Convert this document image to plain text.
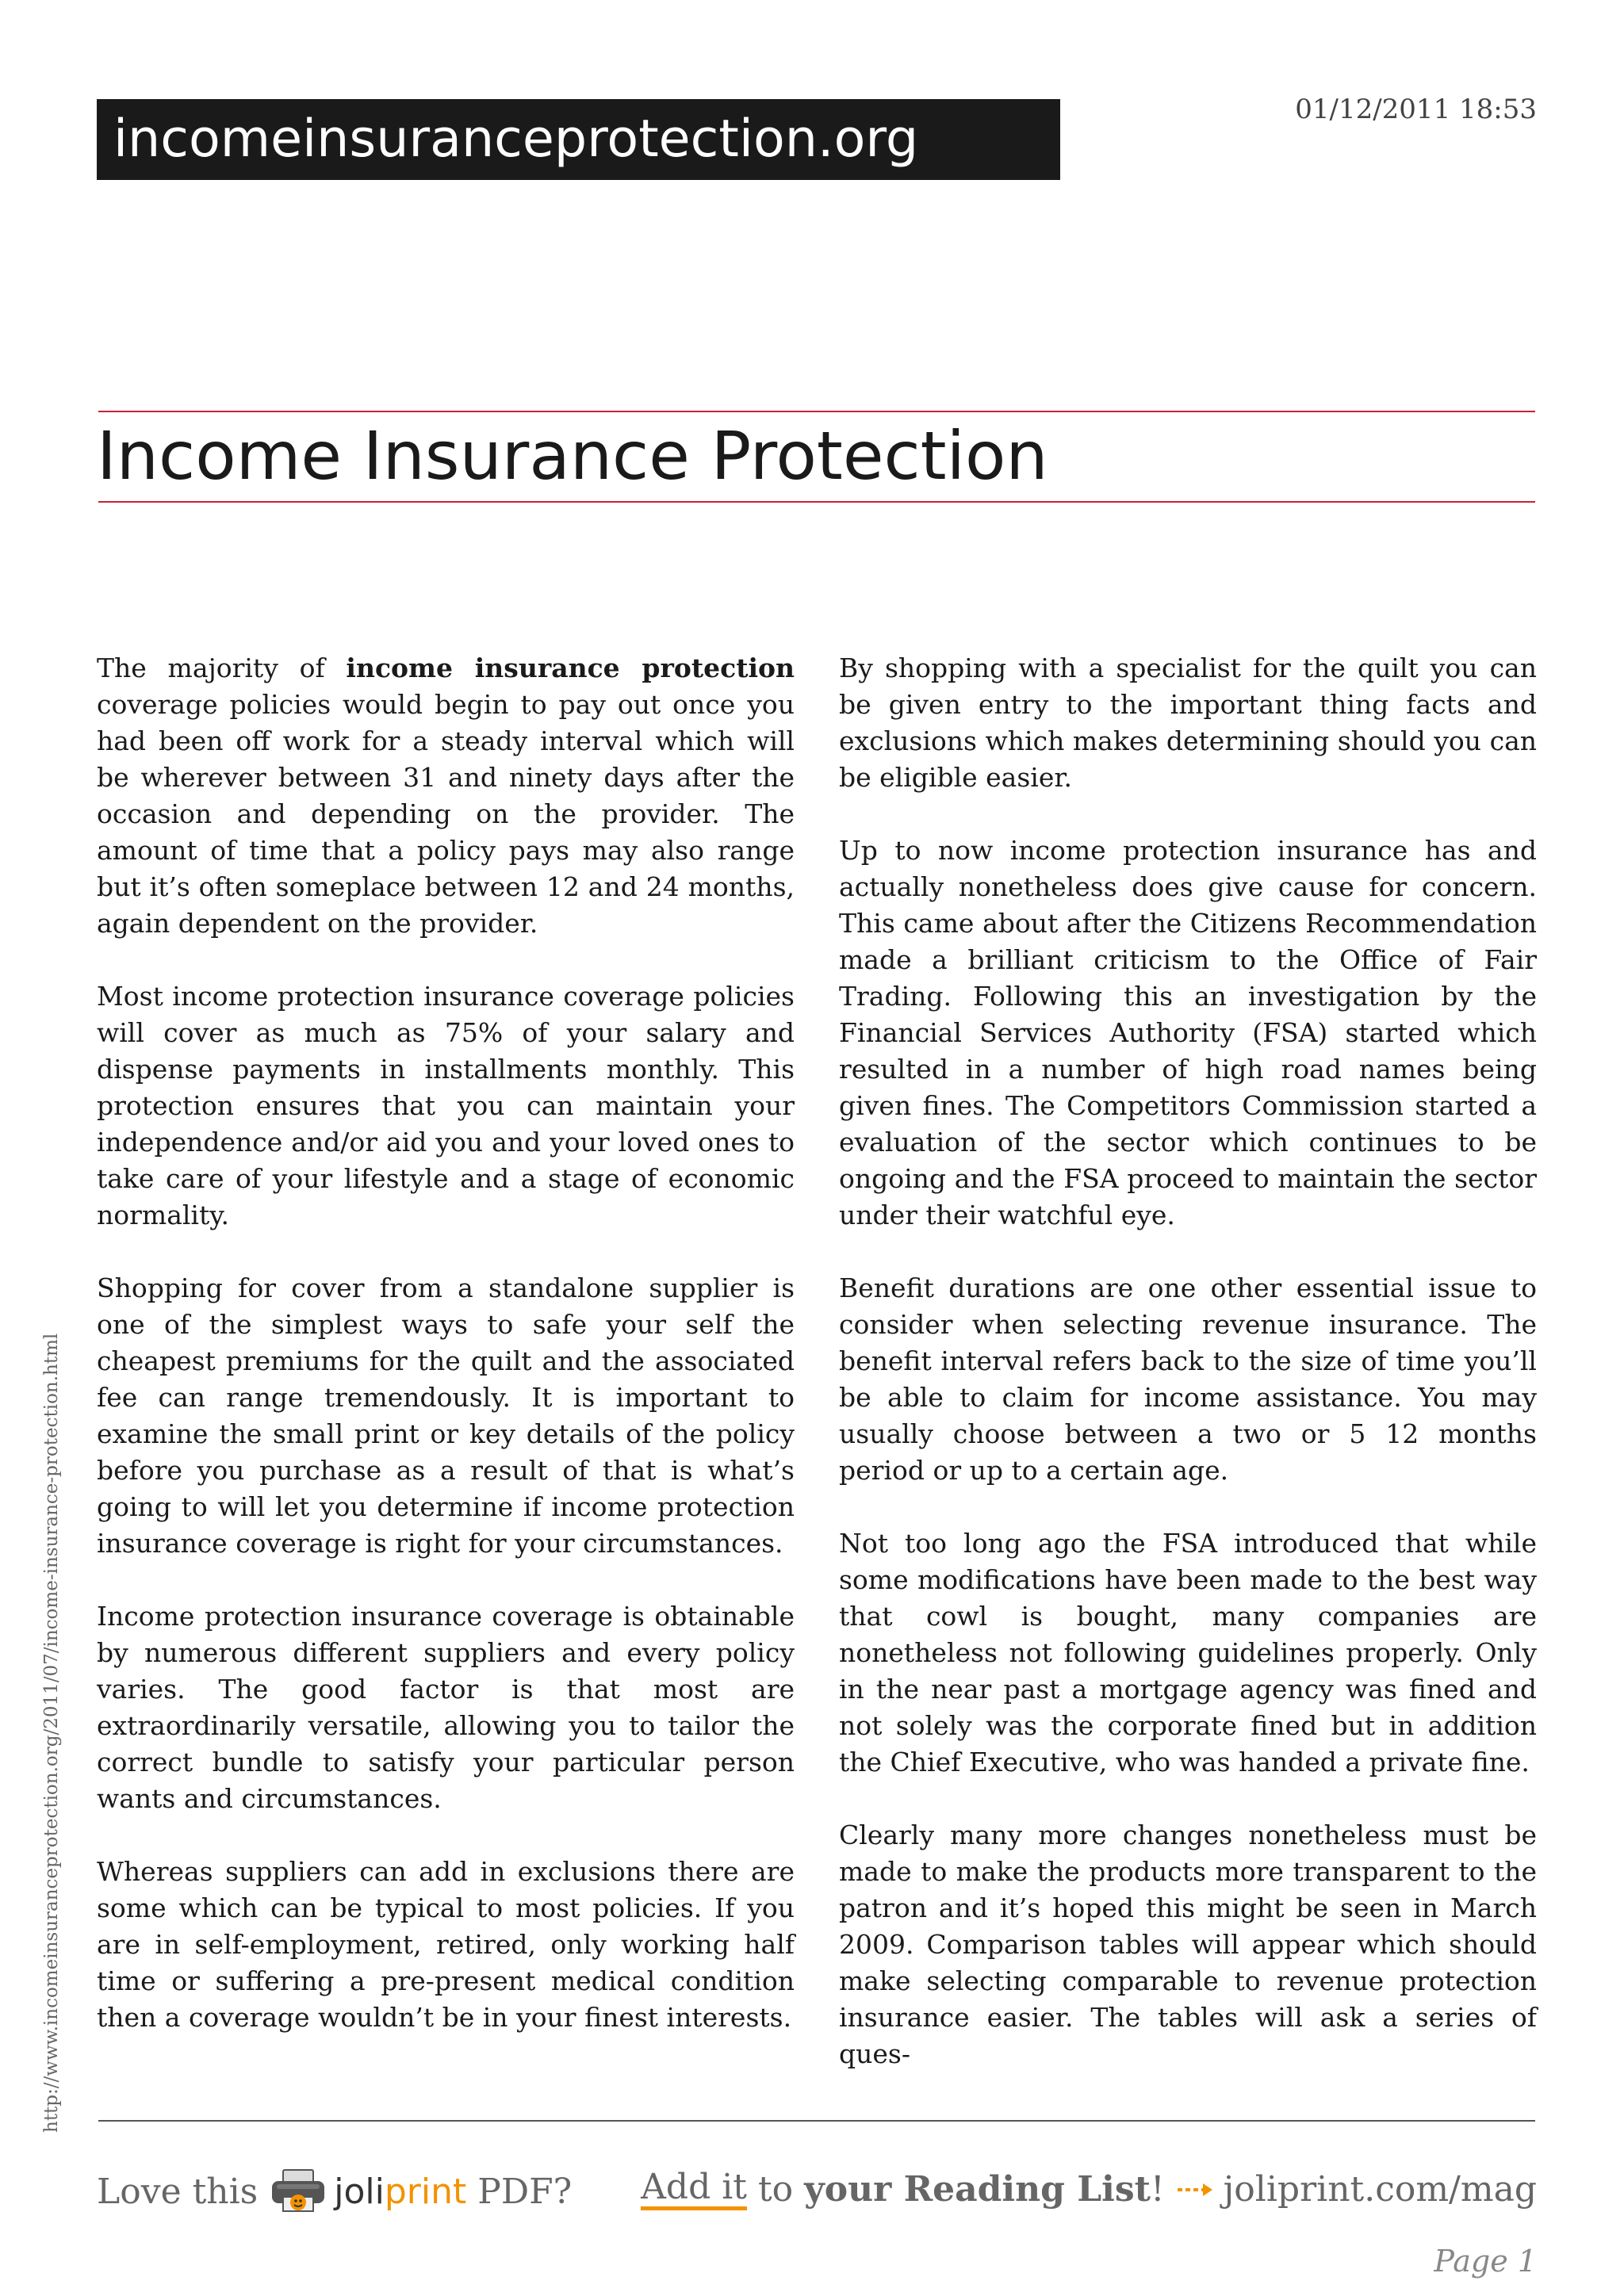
incomeinsuranceprotection.org	01/12/2011 18:53
Income Insurance Protection

The majority of income insurance protection coverage policies would begin to pay out once you had been off work for a steady interval which will be wherever between 31 and ninety days after the occasion and depending on the provider. The amount of time that a policy pays may also range but it’s often someplace between 12 and 24 months, again dependent on the provider.

Most income protection insurance coverage policies will cover as much as 75% of your salary and dispense payments in installments monthly. This protection ensures that you can maintain your independence and/or aid you and your loved ones to take care of your lifestyle and a stage of economic normality.

Shopping for cover from a standalone supplier is one of the simplest ways to safe your self the cheapest premiums for the quilt and the associated fee can range tremendously. It is important to examine the small print or key details of the policy before you purchase as a result of that is what’s going to will let you determine if income protection insurance coverage is right for your circumstances.

Income protection insurance coverage is obtainable by numerous different suppliers and every policy varies. The good factor is that most are extraordinarily versatile, allowing you to tailor the correct bundle to satisfy your particular person wants and circumstances.

Whereas suppliers can add in exclusions there are some which can be typical to most policies. If you are in self-employment, retired, only working half time or suffering a pre-present medical condition then a coverage wouldn’t be in your finest interests.

By shopping with a specialist for the quilt you can be given entry to the important thing facts and exclusions which makes determining should you can be eligible easier.

Up to now income protection insurance has and actually nonetheless does give cause for concern. This came about after the Citizens Recommendation made a brilliant criticism to the Office of Fair Trading. Following this an investigation by the Financial Services Authority (FSA) started which resulted in a number of high road names being given fines. The Competitors Commission started a evaluation of the sector which continues to be ongoing and the FSA proceed to maintain the sector under their watchful eye.

Benefit durations are one other essential issue to consider when selecting revenue insurance. The benefit interval refers back to the size of time you’ll be able to claim for income assistance. You may usually choose between a two or 5 12 months period or up to a certain age.

Not too long ago the FSA introduced that while some modifications have been made to the best way that cowl is bought, many companies are nonetheless not following guidelines properly. Only in the near past a mortgage agency was fined and not solely was the corporate fined but in addition the Chief Executive, who was handed a private fine.

Clearly many more changes nonetheless must be made to make the products more transparent to the patron and it’s hoped this might be seen in March 2009. Comparison tables will appear which should make selecting comparable to revenue protection insurance easier. The tables will ask a series of ques-

http://www.incomeinsuranceprotection.org/2011/07/income-insurance-protection.html
Love this joliprint PDF? Add it to your Reading List ! joliprint.com/mag
Page 1
